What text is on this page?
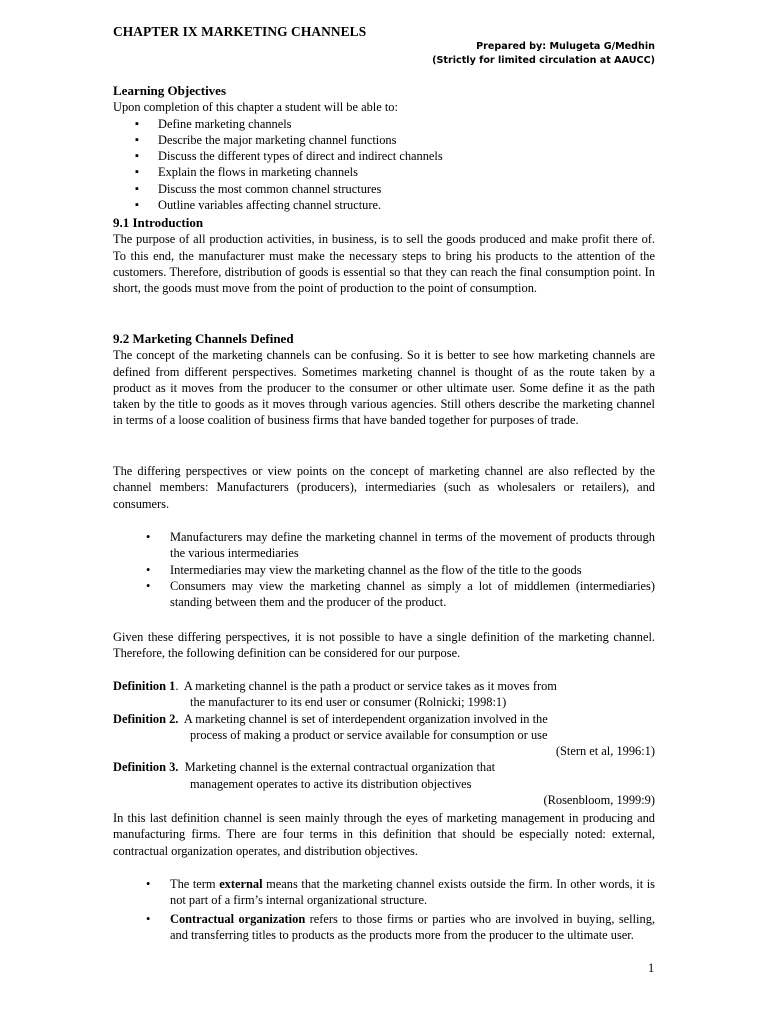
CHAPTER IX MARKETING CHANNELS
Prepared by: Mulugeta G/Medhin
(Strictly for limited circulation at AAUCC)
Learning Objectives
Upon completion of this chapter a student will be able to:
▪ Define marketing channels
▪ Describe the major marketing channel functions
▪ Discuss the different types of direct and indirect channels
▪ Explain the flows in marketing channels
▪ Discuss the most common channel structures
▪ Outline variables affecting channel structure.
9.1 Introduction
The purpose of all production activities, in business, is to sell the goods produced and make profit there of. To this end, the manufacturer must make the necessary steps to bring his products to the attention of the customers. Therefore, distribution of goods is essential so that they can reach the final consumption point. In short, the goods must move from the point of production to the point of consumption.
9.2 Marketing Channels Defined
The concept of the marketing channels can be confusing. So it is better to see how marketing channels are defined from different perspectives. Sometimes marketing channel is thought of as the route taken by a product as it moves from the producer to the consumer or other ultimate user. Some define it as the path taken by the title to goods as it moves through various agencies. Still others describe the marketing channel in terms of a loose coalition of business firms that have banded together for purposes of trade.
The differing perspectives or view points on the concept of marketing channel are also reflected by the channel members: Manufacturers (producers), intermediaries (such as wholesalers or retailers), and consumers.
• Manufacturers may define the marketing channel in terms of the movement of products through the various intermediaries
• Intermediaries may view the marketing channel as the flow of the title to the goods
• Consumers may view the marketing channel as simply a lot of middlemen (intermediaries) standing between them and the producer of the product.
Given these differing perspectives, it is not possible to have a single definition of the marketing channel. Therefore, the following definition can be considered for our purpose.
Definition 1.  A marketing channel is the path a product or service takes as it moves from
the manufacturer to its end user or consumer (Rolnicki; 1998:1)
Definition 2. A marketing channel is set of interdependent organization involved in the
process of making a product or service available for consumption or use
(Stern et al, 1996:1)
Definition 3. Marketing channel is the external contractual organization that
management operates to active its distribution objectives
(Rosenbloom, 1999:9)
In this last definition channel is seen mainly through the eyes of marketing management in producing and manufacturing firms. There are four terms in this definition that should be especially noted: external, contractual organization operates, and distribution objectives.
• The term external means that the marketing channel exists outside the firm. In other words, it is not part of a firm’s internal organizational structure.
• Contractual organization refers to those firms or parties who are involved in buying, selling, and transferring titles to products as the products more from the producer to the ultimate user.
1
